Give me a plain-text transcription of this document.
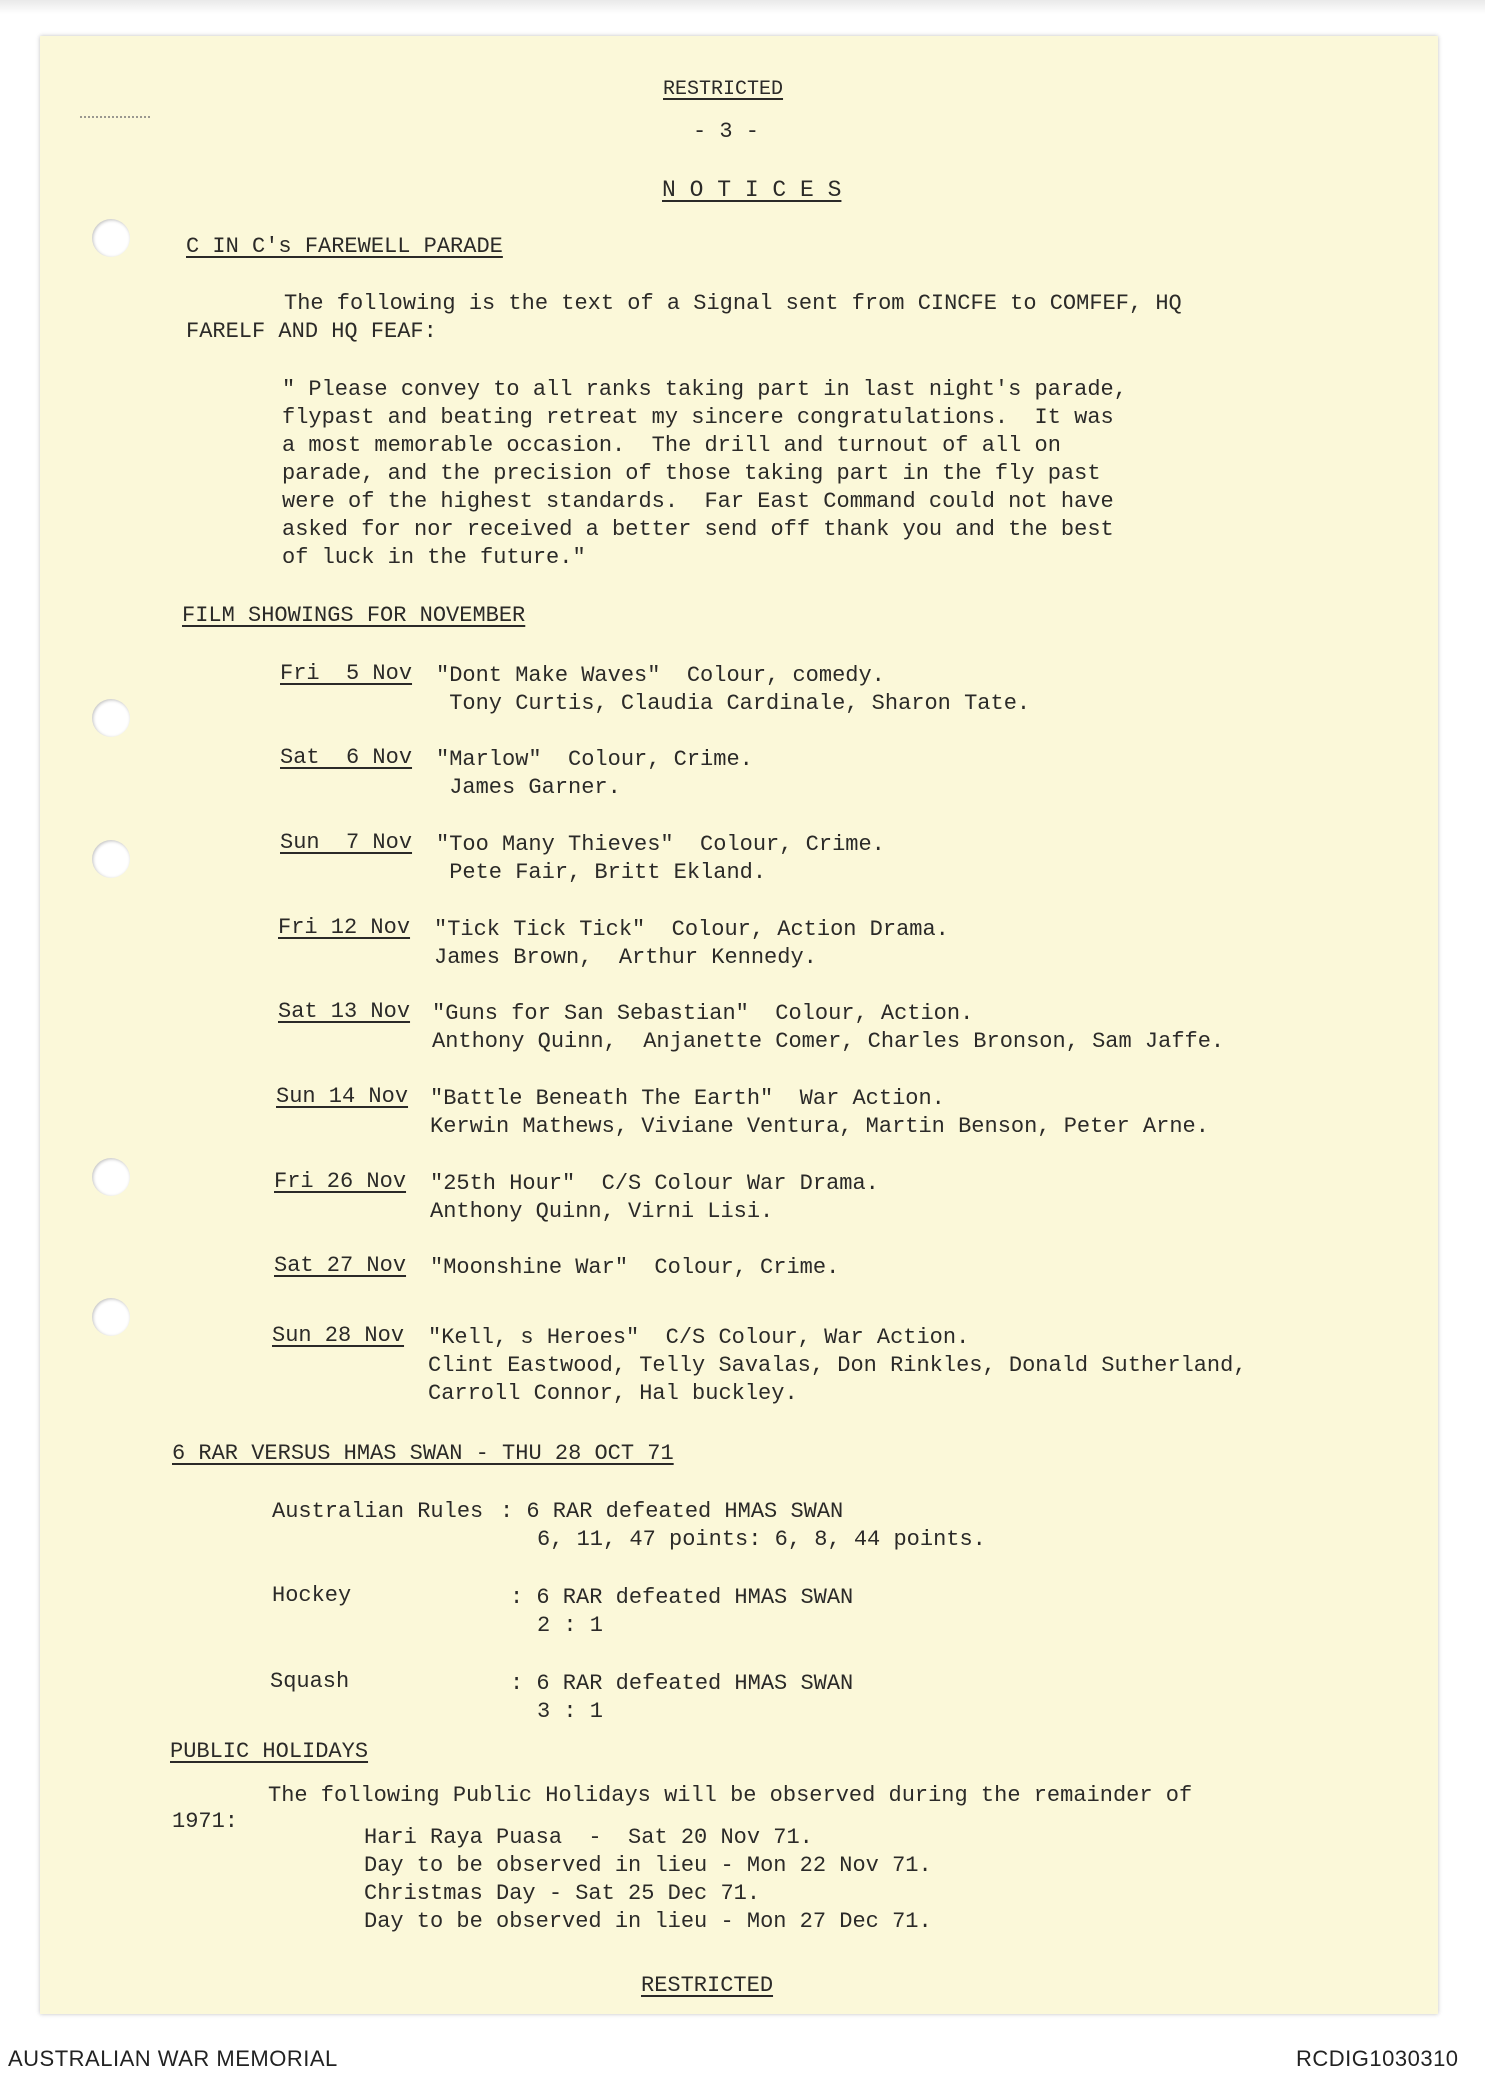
RESTRICTED
- 3 -
N O T I C E S
C IN C's FAREWELL PARADE
The following is the text of a Signal sent from CINCFE to COMFEF, HQ
FARELF AND HQ FEAF:
" Please convey to all ranks taking part in last night's parade,
flypast and beating retreat my sincere congratulations.  It was
a most memorable occasion.  The drill and turnout of all on
parade, and the precision of those taking part in the fly past
were of the highest standards.  Far East Command could not have
asked for nor received a better send off thank you and the best
of luck in the future."
FILM SHOWINGS FOR NOVEMBER
Fri  5 Nov "Dont Make Waves"  Colour, comedy.
Tony Curtis, Claudia Cardinale, Sharon Tate.
Sat  6 Nov "Marlow"  Colour, Crime.
James Garner.
Sun  7 Nov "Too Many Thieves"  Colour, Crime.
Pete Fair, Britt Ekland.
Fri 12 Nov "Tick Tick Tick"  Colour, Action Drama.
James Brown,  Arthur Kennedy.
Sat 13 Nov "Guns for San Sebastian"  Colour, Action.
Anthony Quinn,  Anjanette Comer, Charles Bronson, Sam Jaffe.
Sun 14 Nov "Battle Beneath The Earth"  War Action.
Kerwin Mathews, Viviane Ventura, Martin Benson, Peter Arne.
Fri 26 Nov "25th Hour"  C/S Colour War Drama.
Anthony Quinn, Virni Lisi.
Sat 27 Nov "Moonshine War"  Colour, Crime.
Sun 28 Nov "Kell, s Heroes"  C/S Colour, War Action.
Clint Eastwood, Telly Savalas, Don Rinkles, Donald Sutherland,
Carroll Connor, Hal buckley.
6 RAR VERSUS HMAS SWAN - THU 28 OCT 71
Australian Rules : 6 RAR defeated HMAS SWAN
6, 11, 47 points: 6, 8, 44 points.
Hockey	: 6 RAR defeated HMAS SWAN
2 : 1
Squash	: 6 RAR defeated HMAS SWAN
3 : 1
PUBLIC HOLIDAYS
The following Public Holidays will be observed during the remainder of
1971:
Hari Raya Puasa  -  Sat 20 Nov 71.
Day to be observed in lieu - Mon 22 Nov 71.
Christmas Day - Sat 25 Dec 71.
Day to be observed in lieu - Mon 27 Dec 71.
RESTRICTED
AUSTRALIAN WAR MEMORIAL	RCDIG1030310
